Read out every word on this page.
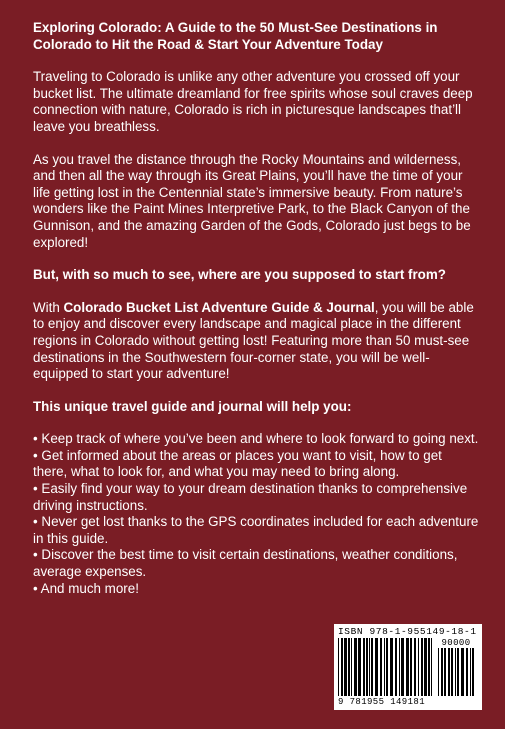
Exploring Colorado: A Guide to the 50 Must-See Destinations in Colorado to Hit the Road & Start Your Adventure Today

Traveling to Colorado is unlike any other adventure you crossed off your bucket list. The ultimate dreamland for free spirits whose soul craves deep connection with nature, Colorado is rich in picturesque landscapes that’ll leave you breathless.

As you travel the distance through the Rocky Mountains and wilderness, and then all the way through its Great Plains, you’ll have the time of your life getting lost in the Centennial state’s immersive beauty. From nature’s wonders like the Paint Mines Interpretive Park, to the Black Canyon of the Gunnison, and the amazing Garden of the Gods, Colorado just begs to be explored!

But, with so much to see, where are you supposed to start from?

With Colorado Bucket List Adventure Guide & Journal, you will be able to enjoy and discover every landscape and magical place in the different regions in Colorado without getting lost! Featuring more than 50 must-see destinations in the Southwestern four-corner state, you will be well-equipped to start your adventure!

This unique travel guide and journal will help you:

• Keep track of where you’ve been and where to look forward to going next.
• Get informed about the areas or places you want to visit, how to get there, what to look for, and what you may need to bring along.
• Easily find your way to your dream destination thanks to comprehensive driving instructions.
• Never get lost thanks to the GPS coordinates included for each adventure in this guide.
• Discover the best time to visit certain destinations, weather conditions, average expenses.
• And much more!
ISBN 978-1-955149-18-1
90000
9 781955 149181
